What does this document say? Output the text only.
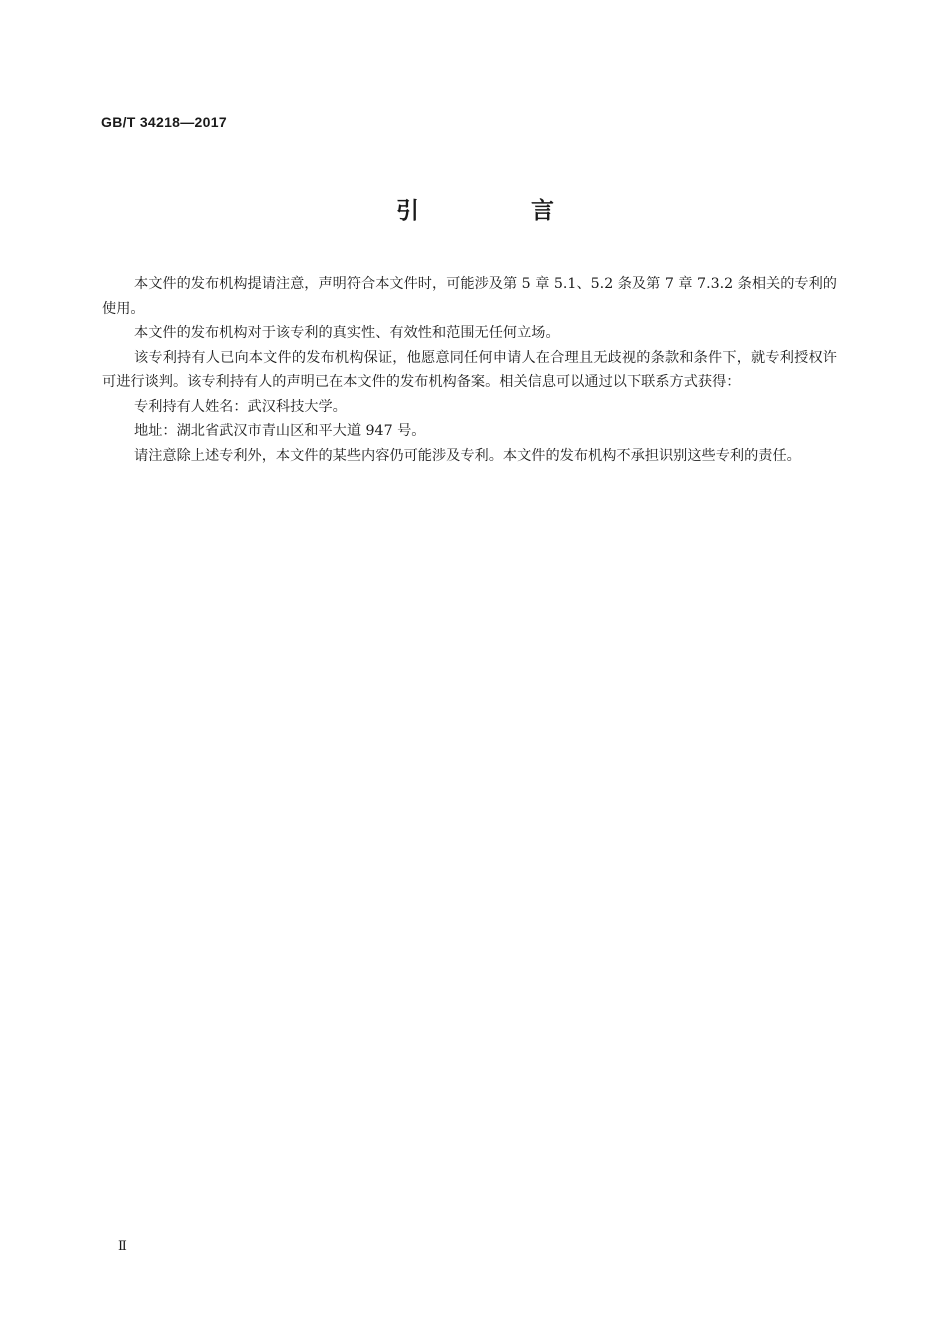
GB/T 34218—2017
引 言

本文件的发布机构提请注意，声明符合本文件时，可能涉及第 5 章 5.1、5.2 条及第 7 章 7.3.2 条相关的专利的使用。

本文件的发布机构对于该专利的真实性、有效性和范围无任何立场。

该专利持有人已向本文件的发布机构保证，他愿意同任何申请人在合理且无歧视的条款和条件下，就专利授权许可进行谈判。该专利持有人的声明已在本文件的发布机构备案。相关信息可以通过以下联系方式获得：

专利持有人姓名：武汉科技大学。

地址：湖北省武汉市青山区和平大道 947 号。

请注意除上述专利外，本文件的某些内容仍可能涉及专利。本文件的发布机构不承担识别这些专利的责任。

Ⅱ
